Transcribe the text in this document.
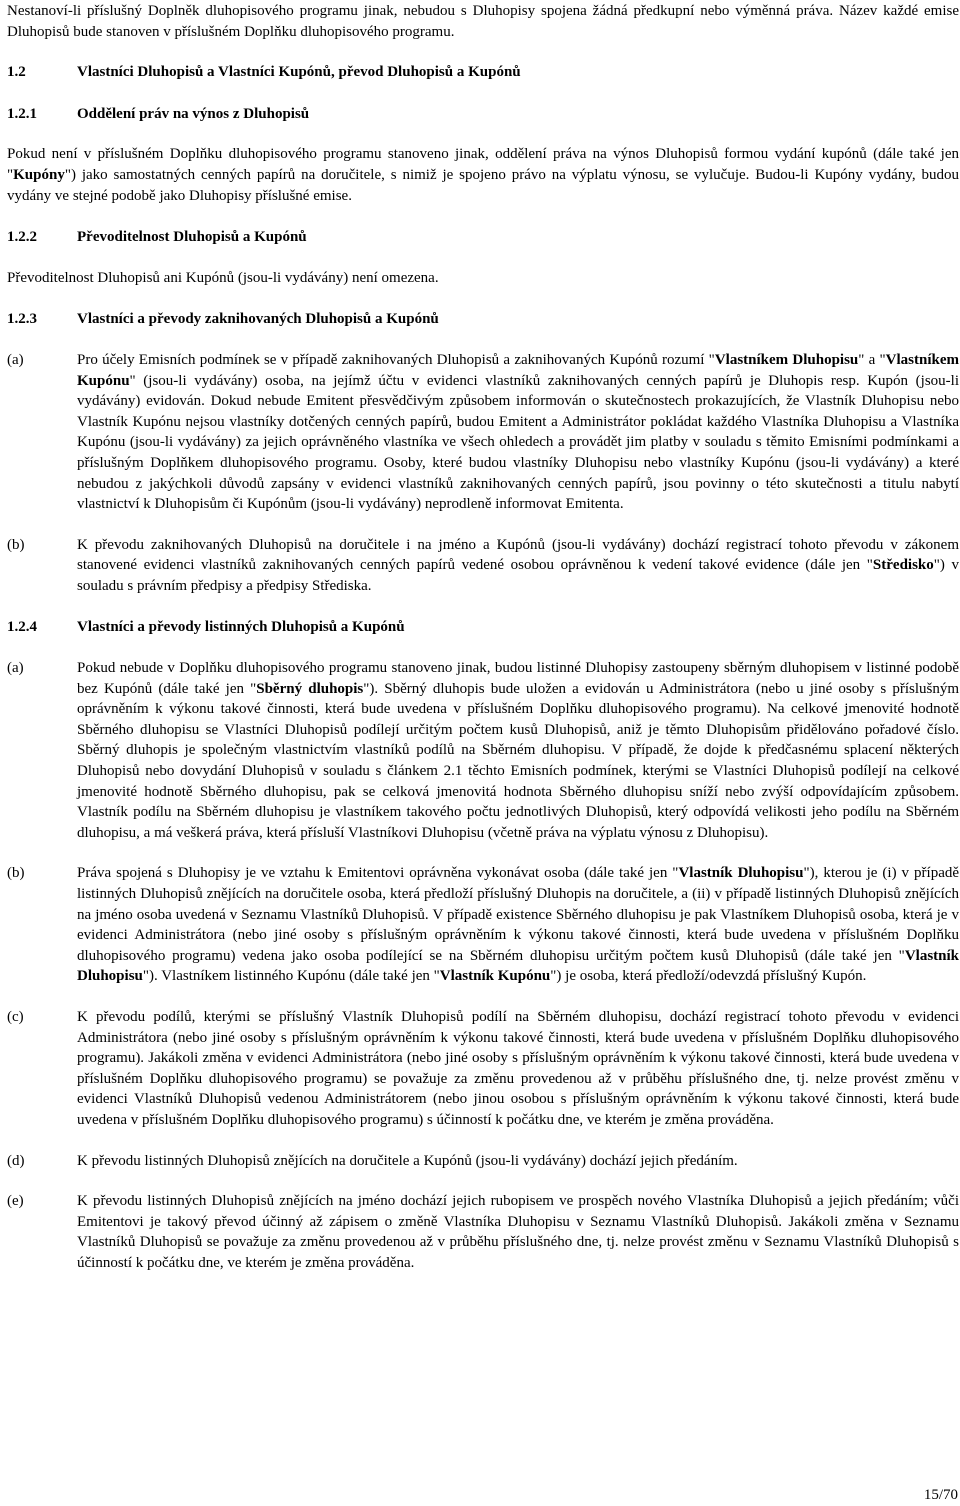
Nestanoví-li příslušný Doplněk dluhopisového programu jinak, nebudou s Dluhopisy spojena žádná předkupní nebo výměnná práva. Název každé emise Dluhopisů bude stanoven v příslušném Doplňku dluhopisového programu.

1.2	Vlastníci Dluhopisů a Vlastníci Kupónů, převod Dluhopisů a Kupónů
1.2.1	Oddělení práv na výnos z Dluhopisů

Pokud není v příslušném Doplňku dluhopisového programu stanoveno jinak, oddělení práva na výnos Dluhopisů formou vydání kupónů (dále také jen "Kupóny") jako samostatných cenných papírů na doručitele, s nimiž je spojeno právo na výplatu výnosu, se vylučuje. Budou-li Kupóny vydány, budou vydány ve stejné podobě jako Dluhopisy příslušné emise.

1.2.2	Převoditelnost Dluhopisů a Kupónů

Převoditelnost Dluhopisů ani Kupónů (jsou-li vydávány) není omezena.

1.2.3	Vlastníci a převody zaknihovaných Dluhopisů a Kupónů
(a)	Pro účely Emisních podmínek se v případě zaknihovaných Dluhopisů a zaknihovaných Kupónů rozumí "Vlastníkem Dluhopisu" a "Vlastníkem Kupónu" (jsou-li vydávány) osoba, na jejímž účtu v evidenci vlastníků zaknihovaných cenných papírů je Dluhopis resp. Kupón (jsou-li vydávány) evidován. Dokud nebude Emitent přesvědčivým způsobem informován o skutečnostech prokazujících, že Vlastník Dluhopisu nebo Vlastník Kupónu nejsou vlastníky dotčených cenných papírů, budou Emitent a Administrátor pokládat každého Vlastníka Dluhopisu a Vlastníka Kupónu (jsou-li vydávány) za jejich oprávněného vlastníka ve všech ohledech a provádět jim platby v souladu s těmito Emisními podmínkami a příslušným Doplňkem dluhopisového programu. Osoby, které budou vlastníky Dluhopisu nebo vlastníky Kupónu (jsou-li vydávány) a které nebudou z jakýchkoli důvodů zapsány v evidenci vlastníků zaknihovaných cenných papírů, jsou povinny o této skutečnosti a titulu nabytí vlastnictví k Dluhopisům či Kupónům (jsou-li vydávány) neprodleně informovat Emitenta.

(b)	K převodu zaknihovaných Dluhopisů na doručitele i na jméno a Kupónů (jsou-li vydávány) dochází registrací tohoto převodu v zákonem stanovené evidenci vlastníků zaknihovaných cenných papírů vedené osobou oprávněnou k vedení takové evidence (dále jen "Středisko") v souladu s právním předpisy a předpisy Střediska.

1.2.4	Vlastníci a převody listinných Dluhopisů a Kupónů
(a)	Pokud nebude v Doplňku dluhopisového programu stanoveno jinak, budou listinné Dluhopisy zastoupeny sběrným dluhopisem v listinné podobě bez Kupónů (dále také jen "Sběrný dluhopis"). Sběrný dluhopis bude uložen a evidován u Administrátora (nebo u jiné osoby s příslušným oprávněním k výkonu takové činnosti, která bude uvedena v příslušném Doplňku dluhopisového programu). Na celkové jmenovité hodnotě Sběrného dluhopisu se Vlastníci Dluhopisů podílejí určitým počtem kusů Dluhopisů, aniž je těmto Dluhopisům přidělováno pořadové číslo. Sběrný dluhopis je společným vlastnictvím vlastníků podílů na Sběrném dluhopisu. V případě, že dojde k předčasnému splacení některých Dluhopisů nebo dovydání Dluhopisů v souladu s článkem 2.1 těchto Emisních podmínek, kterými se Vlastníci Dluhopisů podílejí na celkové jmenovité hodnotě Sběrného dluhopisu, pak se celková jmenovitá hodnota Sběrného dluhopisu sníží nebo zvýší odpovídajícím způsobem. Vlastník podílu na Sběrném dluhopisu je vlastníkem takového počtu jednotlivých Dluhopisů, který odpovídá velikosti jeho podílu na Sběrném dluhopisu, a má veškerá práva, která přísluší Vlastníkovi Dluhopisu (včetně práva na výplatu výnosu z Dluhopisu).

(b)	Práva spojená s Dluhopisy je ve vztahu k Emitentovi oprávněna vykonávat osoba (dále také jen "Vlastník Dluhopisu"), kterou je (i) v případě listinných Dluhopisů znějících na doručitele osoba, která předloží příslušný Dluhopis na doručitele, a (ii) v případě listinných Dluhopisů znějících na jméno osoba uvedená v Seznamu Vlastníků Dluhopisů. V případě existence Sběrného dluhopisu je pak Vlastníkem Dluhopisů osoba, která je v evidenci Administrátora (nebo jiné osoby s příslušným oprávněním k výkonu takové činnosti, která bude uvedena v příslušném Doplňku dluhopisového programu) vedena jako osoba podílející se na Sběrném dluhopisu určitým počtem kusů Dluhopisů (dále také jen "Vlastník Dluhopisu"). Vlastníkem listinného Kupónu (dále také jen "Vlastník Kupónu") je osoba, která předloží/odevzdá příslušný Kupón.

(c)	K převodu podílů, kterými se příslušný Vlastník Dluhopisů podílí na Sběrném dluhopisu, dochází registrací tohoto převodu v evidenci Administrátora (nebo jiné osoby s příslušným oprávněním k výkonu takové činnosti, která bude uvedena v příslušném Doplňku dluhopisového programu). Jakákoli změna v evidenci Administrátora (nebo jiné osoby s příslušným oprávněním k výkonu takové činnosti, která bude uvedena v příslušném Doplňku dluhopisového programu) se považuje za změnu provedenou až v průběhu příslušného dne, tj. nelze provést změnu v evidenci Vlastníků Dluhopisů vedenou Administrátorem (nebo jinou osobou s příslušným oprávněním k výkonu takové činnosti, která bude uvedena v příslušném Doplňku dluhopisového programu) s účinností k počátku dne, ve kterém je změna prováděna.

(d)	K převodu listinných Dluhopisů znějících na doručitele a Kupónů (jsou-li vydávány) dochází jejich předáním.

(e)	K převodu listinných Dluhopisů znějících na jméno dochází jejich rubopisem ve prospěch nového Vlastníka Dluhopisů a jejich předáním; vůči Emitentovi je takový převod účinný až zápisem o změně Vlastníka Dluhopisu v Seznamu Vlastníků Dluhopisů. Jakákoli změna v Seznamu Vlastníků Dluhopisů se považuje za změnu provedenou až v průběhu příslušného dne, tj. nelze provést změnu v Seznamu Vlastníků Dluhopisů s účinností k počátku dne, ve kterém je změna prováděna.

15/70
